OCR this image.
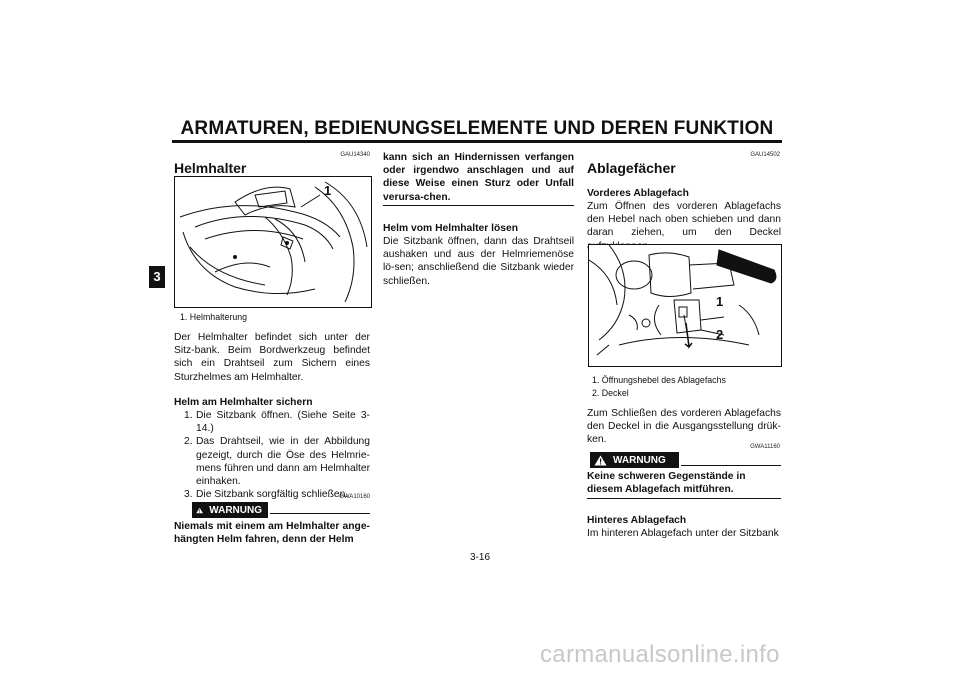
ARMATUREN, BEDIENUNGSELEMENTE UND DEREN FUNKTION
3
GAU14340
Helmhalter
1
1. Helmhalterung
Der Helmhalter befindet sich unter der Sitz-bank. Beim Bordwerkzeug befindet sich ein Drahtseil zum Sichern eines Sturzhelmes am Helmhalter.
Helm am Helmhalter sichern
1. Die Sitzbank öffnen. (Siehe Seite 3-14.)
2. Das Drahtseil, wie in der Abbildung gezeigt, durch die Öse des Helmrie-mens führen und dann am Helmhalter einhaken.
3. Die Sitzbank sorgfältig schließen.
GWA10160
WARNUNG
Niemals mit einem am Helmhalter ange-hängten Helm fahren, denn der Helm
kann sich an Hindernissen verfangen oder irgendwo anschlagen und auf diese Weise einen Sturz oder Unfall verursa-chen.
Helm vom Helmhalter lösen
Die Sitzbank öffnen, dann das Drahtseil aushaken und aus der Helmriemenöse lö-sen; anschließend die Sitzbank wieder schließen.
GAU14502
Ablagefächer
Vorderes Ablagefach
Zum Öffnen des vorderen Ablagefachs den Hebel nach oben schieben und dann daran ziehen, um den Deckel
1
2
1. Öffnungshebel des Ablagefachs
2. Deckel
Zum Schließen des vorderen Ablagefachs den Deckel in die Ausgangsstellung drük-ken.
GWA11160
WARNUNG
Keine schweren Gegenstände in diesem Ablagefach mitführen.
Hinteres Ablagefach
Im hinteren Ablagefach unter der Sitzbank
3-16
carmanualsonline.info
